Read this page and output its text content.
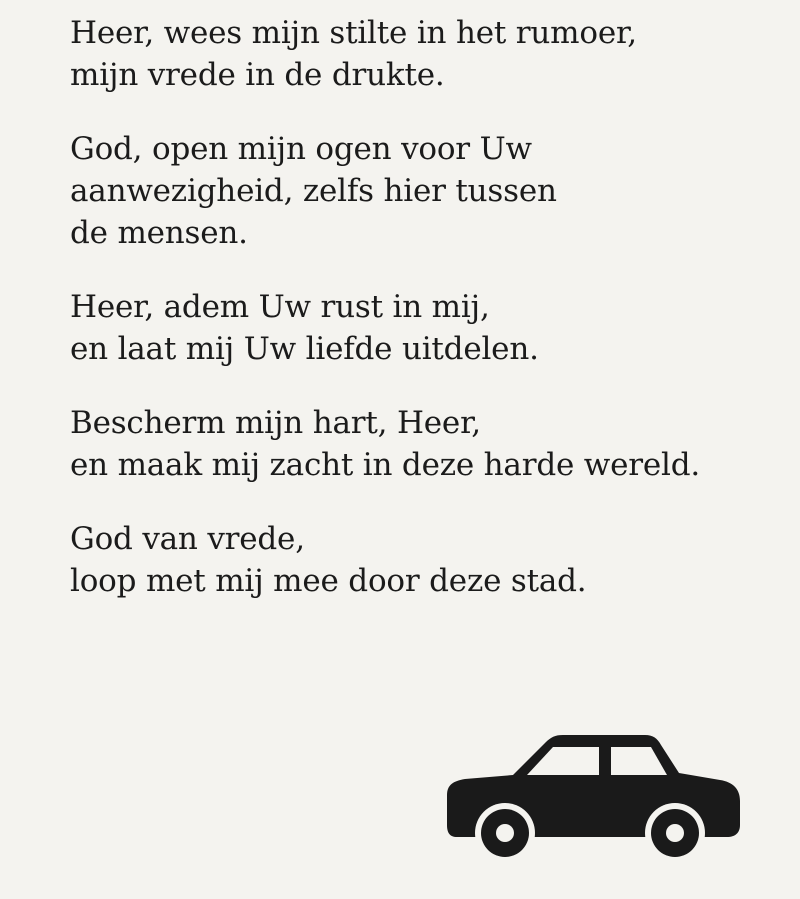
Heer, wees mijn stilte in het rumoer,
mijn vrede in de drukte.
God, open mijn ogen voor Uw
aanwezigheid, zelfs hier tussen
de mensen.
Heer, adem Uw rust in mij,
en laat mij Uw liefde uitdelen.
Bescherm mijn hart, Heer,
en maak mij zacht in deze harde wereld.
God van vrede,
loop met mij mee door deze stad.
